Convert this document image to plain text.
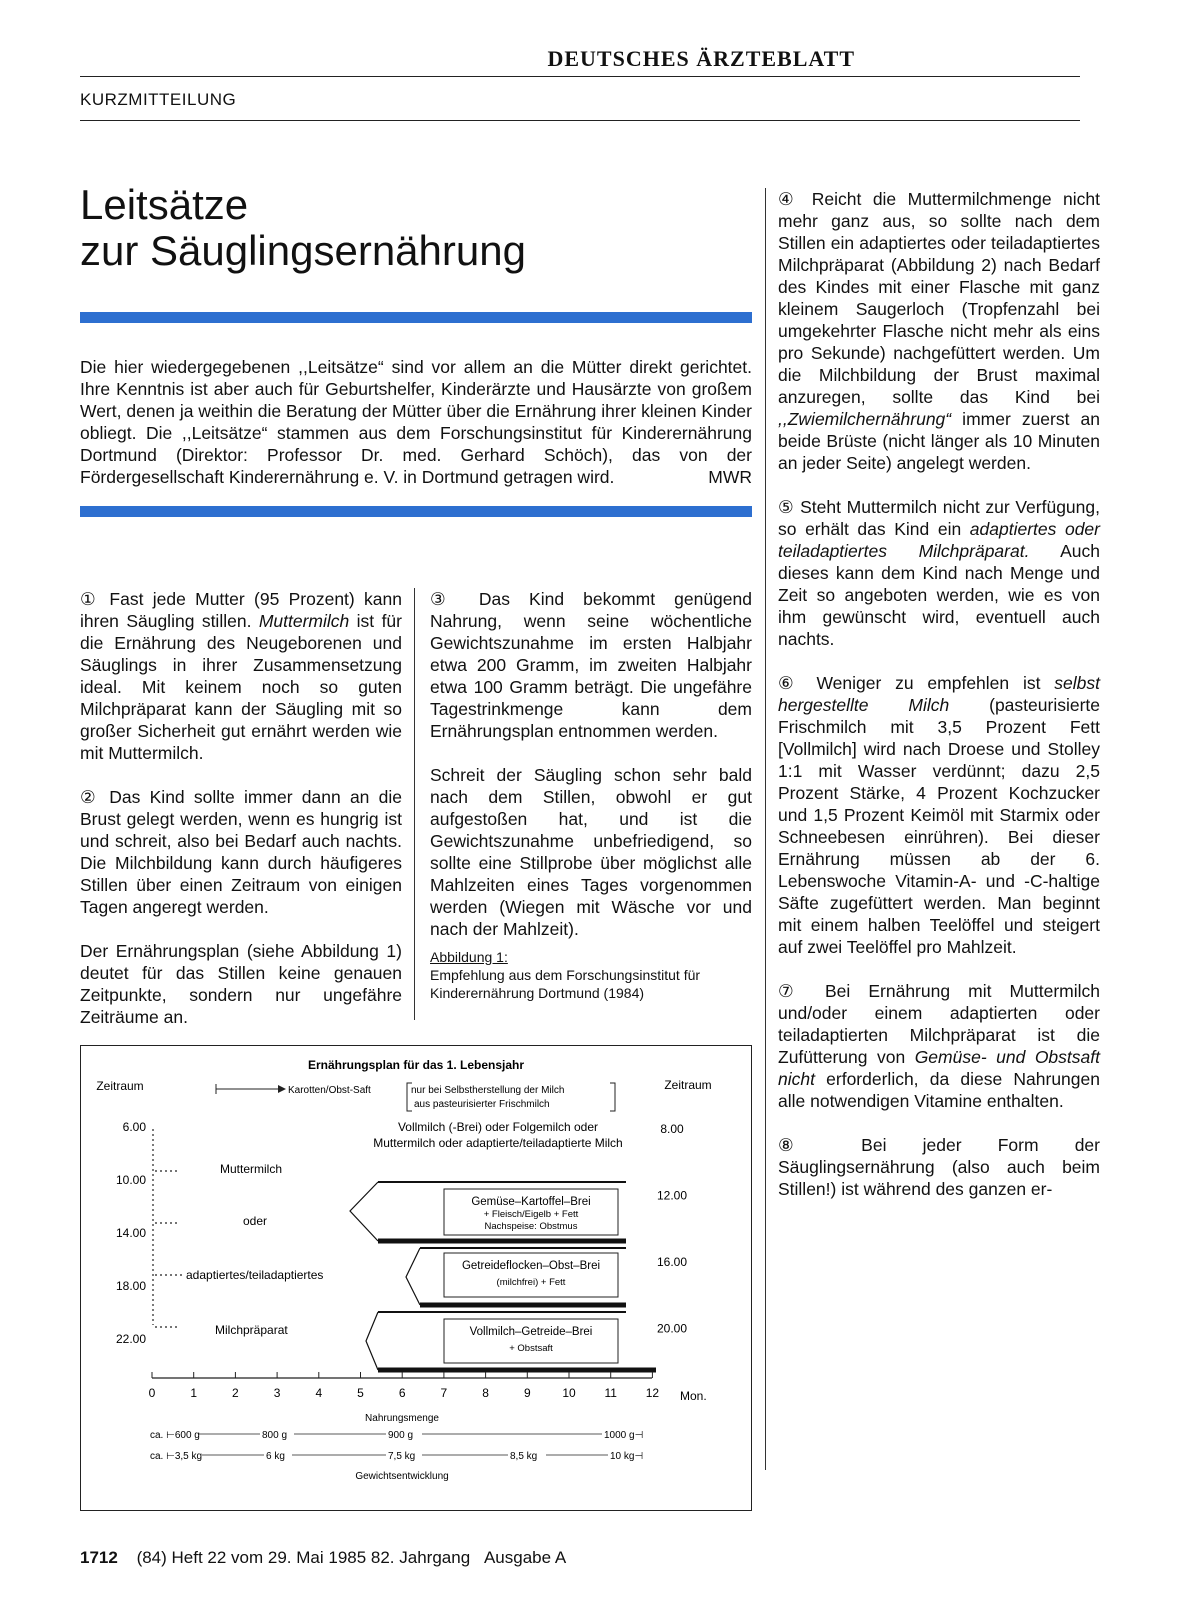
DEUTSCHES ÄRZTEBLATT
KURZMITTEILUNG
Leitsätze
zur Säuglingsernährung

Die hier wiedergegebenen ,,Leitsätze“ sind vor allem an die Mütter direkt gerichtet. Ihre Kenntnis ist aber auch für Geburtshelfer, Kinderärzte und Hausärzte von großem Wert, denen ja weithin die Beratung der Mütter über die Ernährung ihrer kleinen Kinder obliegt. Die ,,Leitsätze“ stammen aus dem Forschungsinstitut für Kinderernährung Dortmund (Direktor: Professor Dr. med. Gerhard Schöch), das von der Fördergesellschaft Kinderernährung e. V. in Dortmund getragen wird.	MWR

① Fast jede Mutter (95 Prozent) kann ihren Säugling stillen. Muttermilch ist für die Ernährung des Neugeborenen und Säuglings in ihrer Zusammensetzung ideal. Mit keinem noch so guten Milchpräparat kann der Säugling mit so großer Sicherheit gut ernährt werden wie mit Muttermilch.

② Das Kind sollte immer dann an die Brust gelegt werden, wenn es hungrig ist und schreit, also bei Bedarf auch nachts. Die Milchbildung kann durch häufigeres Stillen über einen Zeitraum von einigen Tagen angeregt werden.

Der Ernährungsplan (siehe Abbildung 1) deutet für das Stillen keine genauen Zeitpunkte, sondern nur ungefähre Zeiträume an.

③ Das Kind bekommt genügend Nahrung, wenn seine wöchentliche Gewichtszunahme im ersten Halbjahr etwa 200 Gramm, im zweiten Halbjahr etwa 100 Gramm beträgt. Die ungefähre Tagestrinkmenge kann dem Ernährungsplan entnommen werden.

Schreit der Säugling schon sehr bald nach dem Stillen, obwohl er gut aufgestoßen hat, und ist die Gewichtszunahme unbefriedigend, so sollte eine Stillprobe über möglichst alle Mahlzeiten eines Tages vorgenommen werden (Wiegen mit Wäsche vor und nach der Mahlzeit).

Abbildung 1:
Empfehlung aus dem Forschungsinstitut für Kinderernährung Dortmund (1984)

④ Reicht die Muttermilchmenge nicht mehr ganz aus, so sollte nach dem Stillen ein adaptiertes oder teiladaptiertes Milchpräparat (Abbildung 2) nach Bedarf des Kindes mit einer Flasche mit ganz kleinem Saugerloch (Tropfenzahl bei umgekehrter Flasche nicht mehr als eins pro Sekunde) nachgefüttert werden. Um die Milchbildung der Brust maximal anzuregen, sollte das Kind bei ,,Zwiemilchernährung“ immer zuerst an beide Brüste (nicht länger als 10 Minuten an jeder Seite) angelegt werden.

⑤ Steht Muttermilch nicht zur Verfügung, so erhält das Kind ein adaptiertes oder teiladaptiertes Milchpräparat. Auch dieses kann dem Kind nach Menge und Zeit so angeboten werden, wie es von ihm gewünscht wird, eventuell auch nachts.

⑥ Weniger zu empfehlen ist selbst hergestellte Milch (pasteurisierte Frischmilch mit 3,5 Prozent Fett [Vollmilch] wird nach Droese und Stolley 1:1 mit Wasser verdünnt; dazu 2,5 Prozent Stärke, 4 Prozent Kochzucker und 1,5 Prozent Keimöl mit Starmix oder Schneebesen einrühren). Bei dieser Ernährung müssen ab der 6. Lebenswoche Vitamin-A- und -C-haltige Säfte zugefüttert werden. Man beginnt mit einem halben Teelöffel und steigert auf zwei Teelöffel pro Mahlzeit.

⑦ Bei Ernährung mit Muttermilch und/oder einem adaptierten oder teiladaptierten Milchpräparat ist die Zufütterung von Gemüse- und Obstsaft nicht erforderlich, da diese Nahrungen alle notwendigen Vitamine enthalten.

⑧ Bei jeder Form der Säuglingsernährung (also auch beim Stillen!) ist während des ganzen er-

Ernährungsplan für das 1. Lebensjahr
Zeitraum	Zeitraum
Karotten/Obst-Saft	nur bei Selbstherstellung der Milch
aus pasteurisierter Frischmilch
6.00
10.00
14.00
18.00
22.00
8.00
12.00
16.00
20.00
Muttermilch
oder
adaptiertes/teiladaptiertes
Milchpräparat
Vollmilch (-Brei) oder Folgemilch oder
Muttermilch oder adaptierte/teiladaptierte Milch
Gemüse–Kartoffel–Brei
+ Fleisch/Eigelb + Fett
Nachspeise: Obstmus
Getreideflocken–Obst–Brei
(milchfrei) + Fett
Vollmilch–Getreide–Brei
+ Obstsaft
0	1	2	3	4	5	6	7	8	9	10 11 12 Mon.
Nahrungsmenge
ca. ⊢600 g	800 g	900 g	1000 g⊣
ca. ⊢3,5 kg	6 kg	7,5 kg	8,5 kg	10 kg⊣
Gewichtsentwicklung
1712 (84) Heft 22 vom 29. Mai 1985 82. Jahrgang Ausgabe A
